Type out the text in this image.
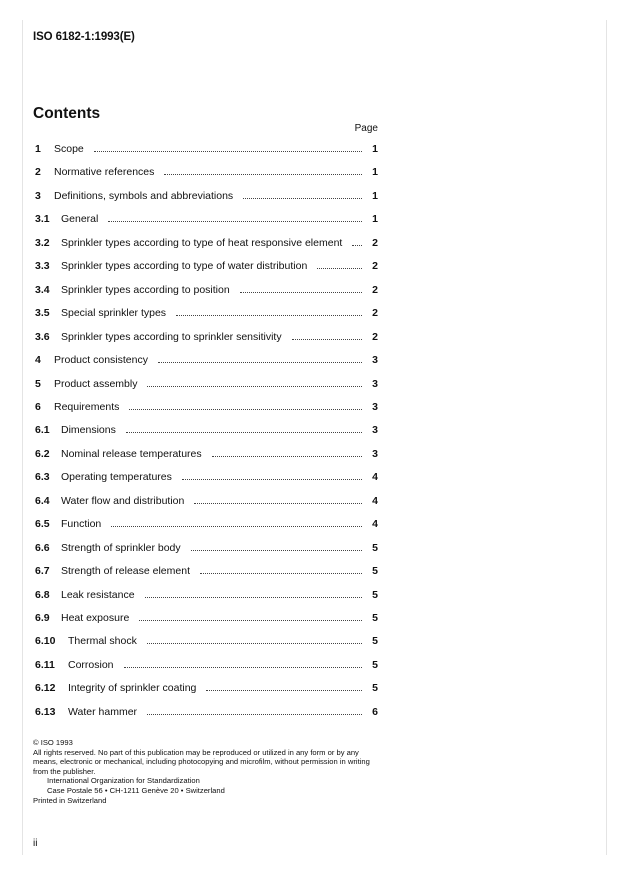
ISO 6182-1:1993(E)
Contents
Page
1	Scope	1
2	Normative references	1
3	Definitions, symbols and abbreviations	1
3.1	General	1
3.2	Sprinkler types according to type of heat responsive element	2
3.3	Sprinkler types according to type of water distribution	2
3.4	Sprinkler types according to position	2
3.5	Special sprinkler types	2
3.6	Sprinkler types according to sprinkler sensitivity	2
4	Product consistency	3
5	Product assembly	3
6	Requirements	3
6.1	Dimensions	3
6.2	Nominal release temperatures	3
6.3	Operating temperatures	4
6.4	Water flow and distribution	4
6.5	Function	4
6.6	Strength of sprinkler body	5
6.7	Strength of release element	5
6.8	Leak resistance	5
6.9	Heat exposure	5
6.10	Thermal shock	5
6.11	Corrosion	5
6.12	Integrity of sprinkler coating	5
6.13	Water hammer	6
© ISO 1993
All rights reserved. No part of this publication may be reproduced or utilized in any form or by any means, electronic or mechanical, including photocopying and microfilm, without permission in writing from the publisher.
International Organization for Standardization
Case Postale 56 • CH-1211 Genève 20 • Switzerland
Printed in Switzerland
ii
